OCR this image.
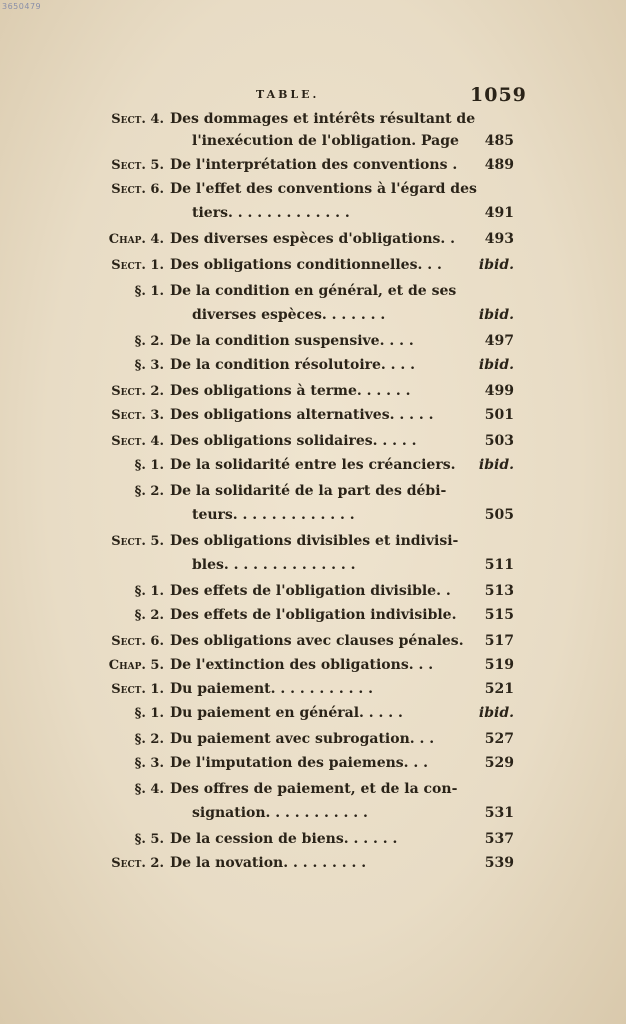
3650479
TABLE.	1059
Sect. 4. Des dommages et intérêts résultant de
l'inexécution de l'obligation. Page	485
Sect. 5. De l'interprétation des conventions .	489
Sect. 6. De l'effet des conventions à l'égard des
tiers. . . . . . . . . . . . .	491
Chap. 4. Des diverses espèces d'obligations. .	493
Sect. 1. Des obligations conditionnelles. . .	ibid.
§. 1. De la condition en général, et de ses
diverses espèces. . . . . . .	ibid.
§. 2. De la condition suspensive. . . .	497
§. 3. De la condition résolutoire. . . .	ibid.
Sect. 2. Des obligations à terme. . . . . .	499
Sect. 3. Des obligations alternatives. . . . .	501
Sect. 4. Des obligations solidaires. . . . .	503
§. 1. De la solidarité entre les créanciers.	ibid.
§. 2. De la solidarité de la part des débi-
teurs. . . . . . . . . . . . .	505
Sect. 5. Des obligations divisibles et indivisi-
bles. . . . . . . . . . . . . .	511
§. 1. Des effets de l'obligation divisible. .	513
§. 2. Des effets de l'obligation indivisible.	515
Sect. 6. Des obligations avec clauses pénales.	517
Chap. 5. De l'extinction des obligations. . .	519
Sect. 1. Du paiement. . . . . . . . . . .	521
§. 1. Du paiement en général. . . . .	ibid.
§. 2. Du paiement avec subrogation. . .	527
§. 3. De l'imputation des paiemens. . .	529
§. 4. Des offres de paiement, et de la con-
signation. . . . . . . . . . .	531
§. 5. De la cession de biens. . . . . .	537
Sect. 2. De la novation. . . . . . . . .	539
